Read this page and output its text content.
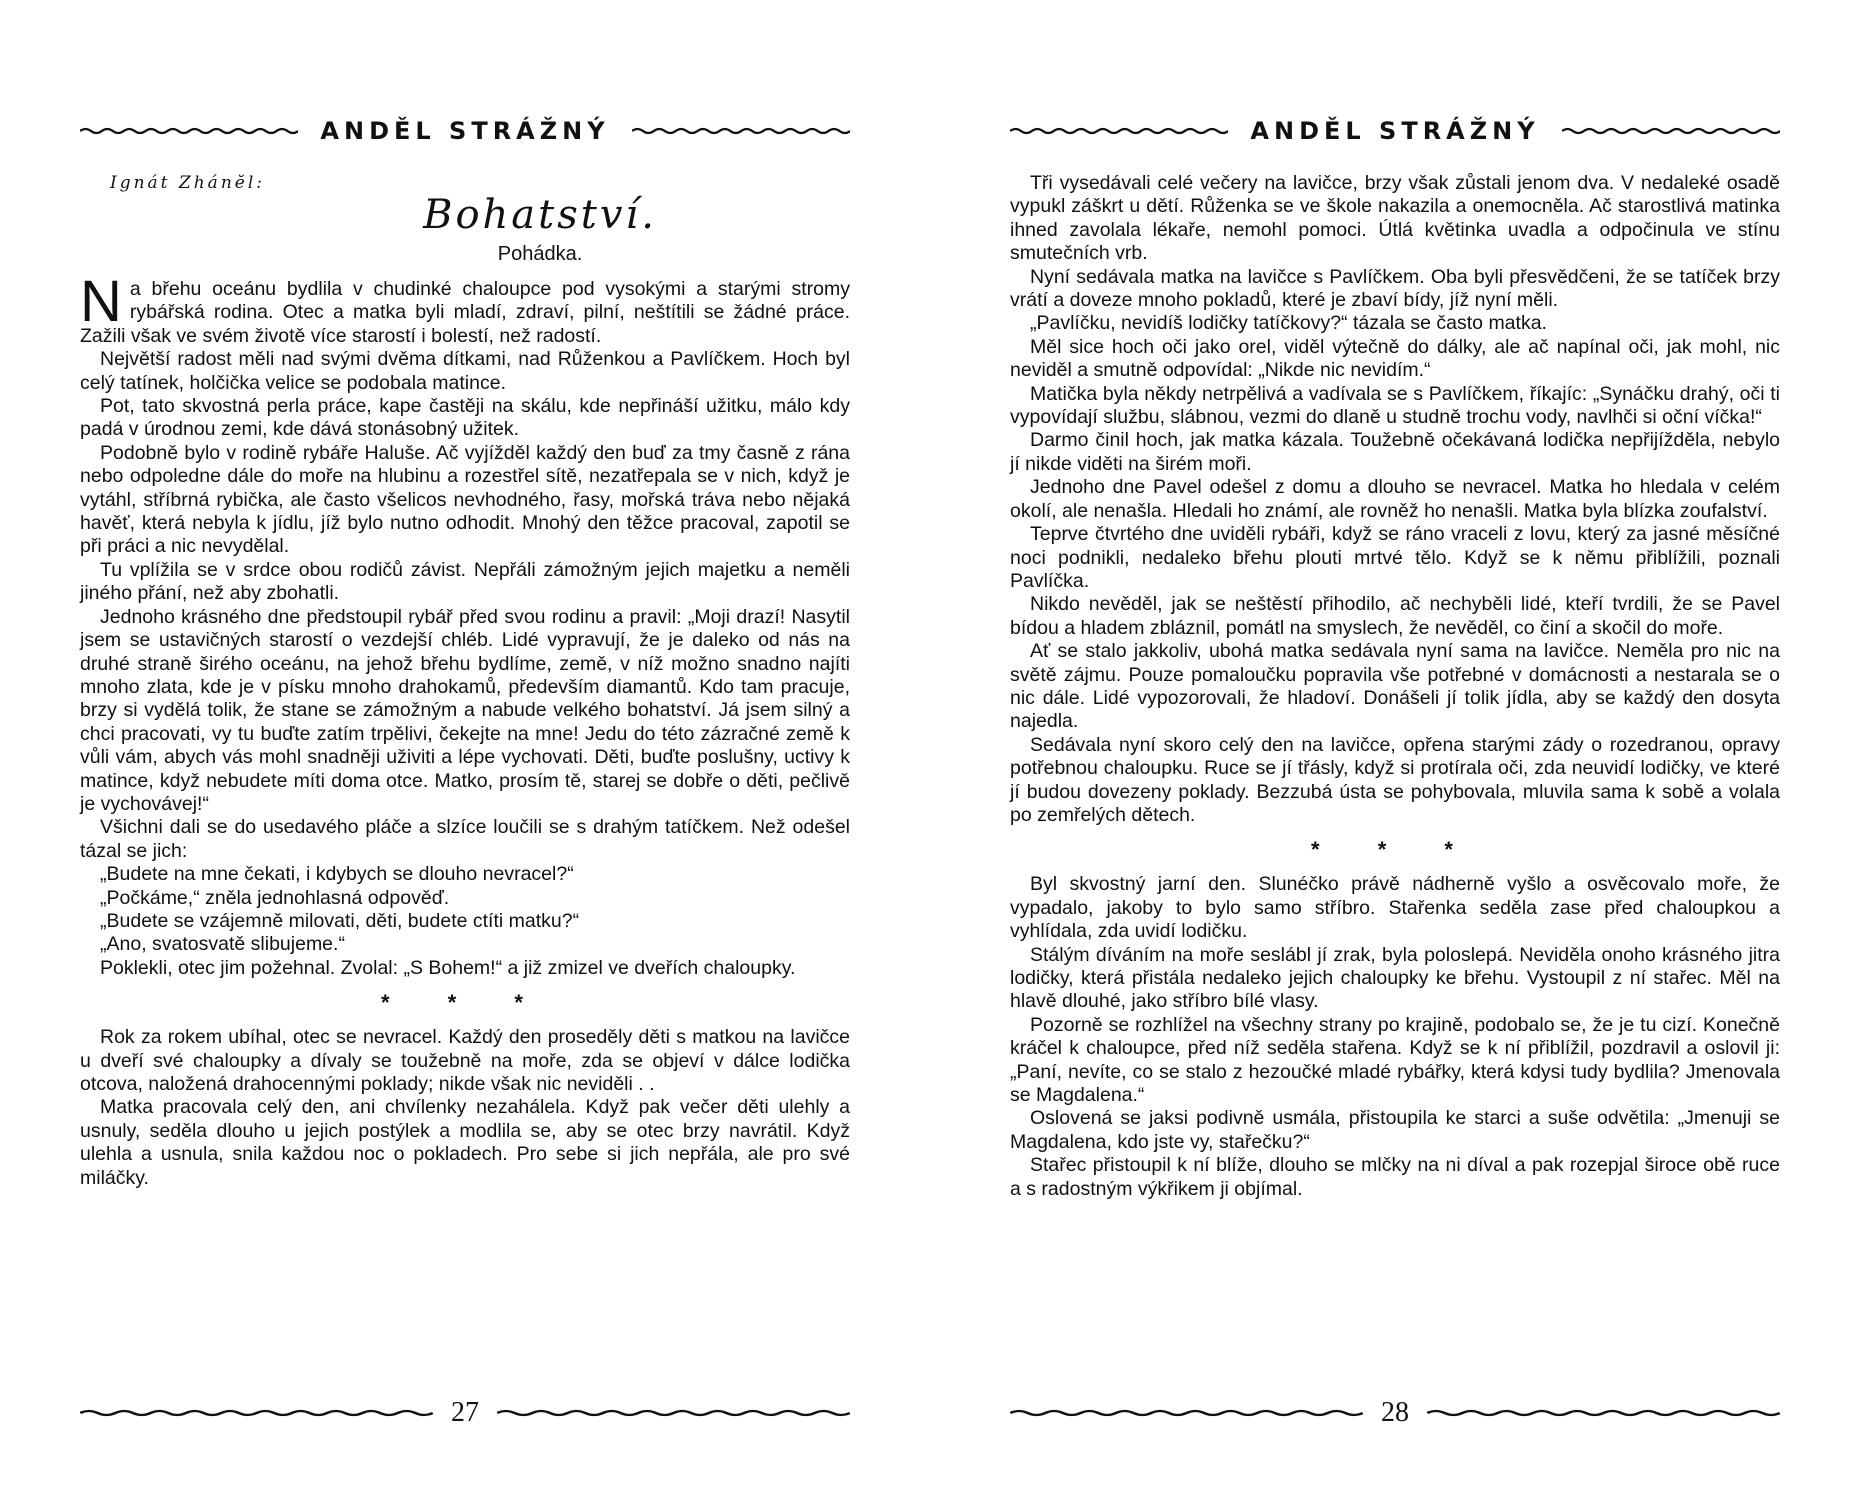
ANDĚL STRÁŽNÝ
Ignát Zhánĕl:
Bohatství.
Pohádka.

Na břehu oceánu bydlila v chudinké chaloupce pod vysokými a starými stromy rybářská rodina. Otec a matka byli mladí, zdraví, pilní, neštítili se žádné práce. Zažili však ve svém životě více starostí i bolestí, než radostí.

Největší radost měli nad svými dvěma dítkami, nad Růženkou a Pavlíčkem. Hoch byl celý tatínek, holčička velice se podobala matince.

Pot, tato skvostná perla práce, kape častěji na skálu, kde nepřináší užitku, málo kdy padá v úrodnou zemi, kde dává stonásobný užitek.

Podobně bylo v rodině rybáře Haluše. Ač vyjížděl každý den buď za tmy časně z rána nebo odpoledne dále do moře na hlubinu a rozestřel sítě, nezatřepala se v nich, když je vytáhl, stříbrná rybička, ale často všelicos nevhodného, řasy, mořská tráva nebo nějaká havěť, která nebyla k jídlu, jíž bylo nutno odhodit. Mnohý den těžce pracoval, zapotil se při práci a nic nevydělal.

Tu vplížila se v srdce obou rodičů závist. Nepřáli zámožným jejich majetku a neměli jiného přání, než aby zbohatli.

Jednoho krásného dne předstoupil rybář před svou rodinu a pravil: „Moji drazí! Nasytil jsem se ustavičných starostí o vezdejší chléb. Lidé vypravují, že je daleko od nás na druhé straně širého oceánu, na jehož břehu bydlíme, země, v níž možno snadno najíti mnoho zlata, kde je v písku mnoho drahokamů, především diamantů. Kdo tam pracuje, brzy si vydělá tolik, že stane se zámožným a nabude velkého bohatství. Já jsem silný a chci pracovati, vy tu buďte zatím trpělivi, čekejte na mne! Jedu do této zázračné země k vůli vám, abych vás mohl snadněji uživiti a lépe vychovati. Děti, buďte poslušny, uctivy k matince, když nebudete míti doma otce. Matko, prosím tě, starej se dobře o děti, pečlivě je vychovávej!“

Všichni dali se do usedavého pláče a slzíce loučili se s drahým tatíčkem. Než odešel tázal se jich:

„Budete na mne čekati, i kdybych se dlouho nevracel?“

„Počkáme,“ zněla jednohlasná odpověď.

„Budete se vzájemně milovati, děti, budete ctíti matku?“

„Ano, svatosvatě slibujeme.“

Poklekli, otec jim požehnal. Zvolal: „S Bohem!“ a již zmizel ve dveřích chaloupky.

* * *

Rok za rokem ubíhal, otec se nevracel. Každý den proseděly děti s matkou na lavičce u dveří své chaloupky a dívaly se toužebně na moře, zda se objeví v dálce lodička otcova, naložená drahocennými poklady; nikde však nic neviděli . .

Matka pracovala celý den, ani chvílenky nezahálela. Když pak večer děti ulehly a usnuly, seděla dlouho u jejich postýlek a modlila se, aby se otec brzy navrátil. Když ulehla a usnula, snila každou noc o pokladech. Pro sebe si jich nepřála, ale pro své miláčky.

27
ANDĚL STRÁŽNÝ

Tři vysedávali celé večery na lavičce, brzy však zůstali jenom dva. V nedaleké osadě vypukl záškrt u dětí. Růženka se ve škole nakazila a onemocněla. Ač starostlivá matinka ihned zavolala lékaře, nemohl pomoci. Útlá květinka uvadla a odpočinula ve stínu smutečních vrb.

Nyní sedávala matka na lavičce s Pavlíčkem. Oba byli přesvědčeni, že se tatíček brzy vrátí a doveze mnoho pokladů, které je zbaví bídy, jíž nyní měli.

„Pavlíčku, nevidíš lodičky tatíčkovy?“ tázala se často matka.

Měl sice hoch oči jako orel, viděl výtečně do dálky, ale ač napínal oči, jak mohl, nic neviděl a smutně odpovídal: „Nikde nic nevidím.“

Matička byla někdy netrpělivá a vadívala se s Pavlíčkem, říkajíc: „Synáčku drahý, oči ti vypovídají službu, slábnou, vezmi do dlaně u studně trochu vody, navlhči si oční víčka!“

Darmo činil hoch, jak matka kázala. Toužebně očekávaná lodička nepřijížděla, nebylo jí nikde viděti na širém moři.

Jednoho dne Pavel odešel z domu a dlouho se nevracel. Matka ho hledala v celém okolí, ale nenašla. Hledali ho známí, ale rovněž ho nenašli. Matka byla blízka zoufalství.

Teprve čtvrtého dne uviděli rybáři, když se ráno vraceli z lovu, který za jasné měsíčné noci podnikli, nedaleko břehu plouti mrtvé tělo. Když se k němu přiblížili, poznali Pavlíčka.

Nikdo nevěděl, jak se neštěstí přihodilo, ač nechyběli lidé, kteří tvrdili, že se Pavel bídou a hladem zbláznil, pomátl na smyslech, že nevěděl, co činí a skočil do moře.

Ať se stalo jakkoliv, ubohá matka sedávala nyní sama na lavičce. Neměla pro nic na světě zájmu. Pouze pomaloučku popravila vše potřebné v domácnosti a nestarala se o nic dále. Lidé vypozorovali, že hladoví. Donášeli jí tolik jídla, aby se každý den dosyta najedla.

Sedávala nyní skoro celý den na lavičce, opřena starými zády o rozedranou, opravy potřebnou chaloupku. Ruce se jí třásly, když si protírala oči, zda neuvidí lodičky, ve které jí budou dovezeny poklady. Bezzubá ústa se pohybovala, mluvila sama k sobě a volala po zemřelých dětech.

* * *

Byl skvostný jarní den. Slunéčko právě nádherně vyšlo a osvěcovalo moře, že vypadalo, jakoby to bylo samo stříbro. Stařenka seděla zase před chaloupkou a vyhlídala, zda uvidí lodičku.

Stálým díváním na moře seslábl jí zrak, byla poloslepá. Neviděla onoho krásného jitra lodičky, která přistála nedaleko jejich chaloupky ke břehu. Vystoupil z ní stařec. Měl na hlavě dlouhé, jako stříbro bílé vlasy.

Pozorně se rozhlížel na všechny strany po krajině, podobalo se, že je tu cizí. Konečně kráčel k chaloupce, před níž seděla stařena. Když se k ní přiblížil, pozdravil a oslovil ji: „Paní, nevíte, co se stalo z hezoučké mladé rybářky, která kdysi tudy bydlila? Jmenovala se Magdalena.“

Oslovená se jaksi podivně usmála, přistoupila ke starci a suše odvětila: „Jmenuji se Magdalena, kdo jste vy, stařečku?“

Stařec přistoupil k ní blíže, dlouho se mlčky na ni díval a pak rozepjal široce obě ruce a s radostným výkřikem ji objímal.

28
